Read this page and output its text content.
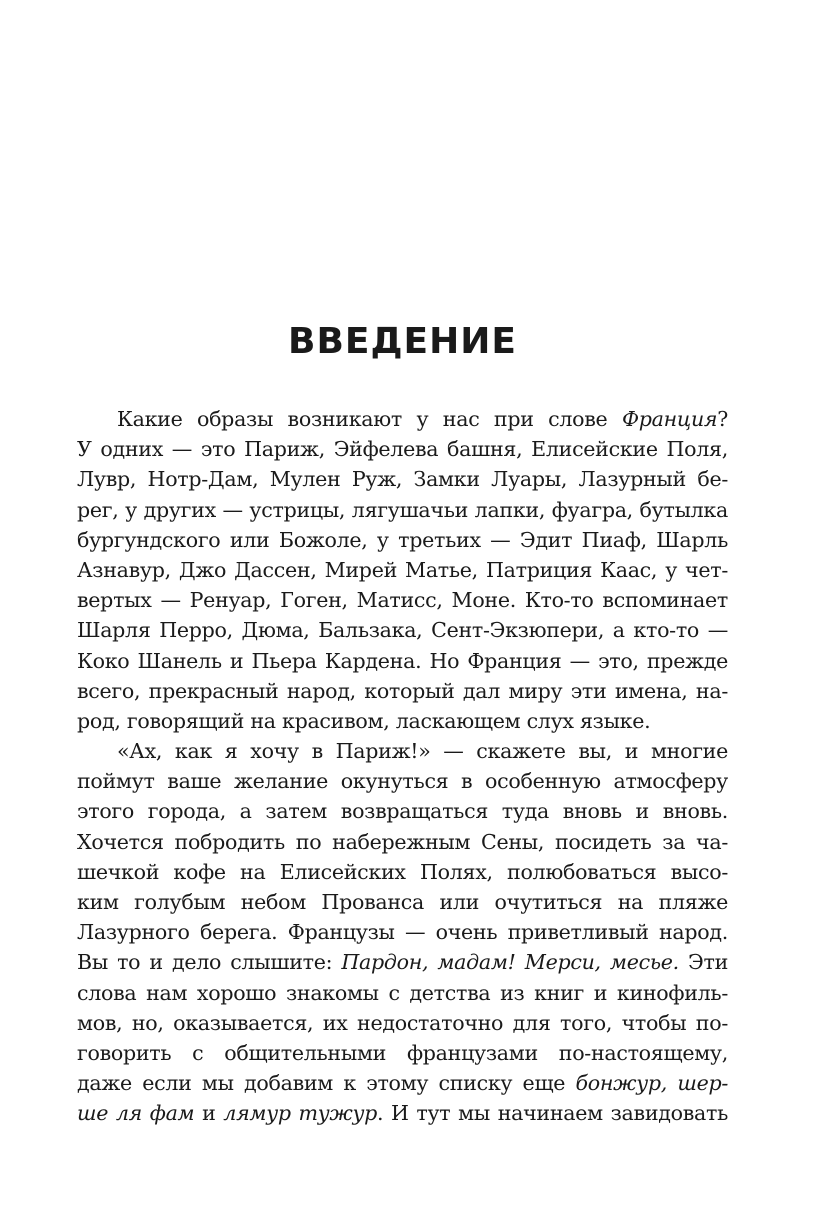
ВВЕДЕНИЕ
Какие образы возникают у нас при слове Франция?
У одних — это Париж, Эйфелева башня, Елисейские Поля,
Лувр, Нотр-Дам, Мулен Руж, Замки Луары, Лазурный бе-
рег, у других — устрицы, лягушачьи лапки, фуагра, бутылка
бургундского или Божоле, у третьих — Эдит Пиаф, Шарль
Азнавур, Джо Дассен, Мирей Матье, Патриция Каас, у чет-
вертых — Ренуар, Гоген, Матисс, Моне. Кто-то вспоминает
Шарля Перро, Дюма, Бальзака, Сент-Экзюпери, а кто-то —
Коко Шанель и Пьера Кардена. Но Франция — это, прежде
всего, прекрасный народ, который дал миру эти имена, на-
род, говорящий на красивом, ласкающем слух языке.
«Ах, как я хочу в Париж!» — скажете вы, и многие
поймут ваше желание окунуться в особенную атмосферу
этого города, а затем возвращаться туда вновь и вновь.
Хочется побродить по набережным Сены, посидеть за ча-
шечкой кофе на Елисейских Полях, полюбоваться высо-
ким голубым небом Прованса или очутиться на пляже
Лазурного берега. Французы — очень приветливый народ.
Вы то и дело слышите: Пардон, мадам! Мерси, месье. Эти
слова нам хорошо знакомы с детства из книг и кинофиль-
мов, но, оказывается, их недостаточно для того, чтобы по-
говорить с общительными французами по-настоящему,
даже если мы добавим к этому списку еще бонжур, шер-
ше ля фам и лямур тужур. И тут мы начинаем завидовать
